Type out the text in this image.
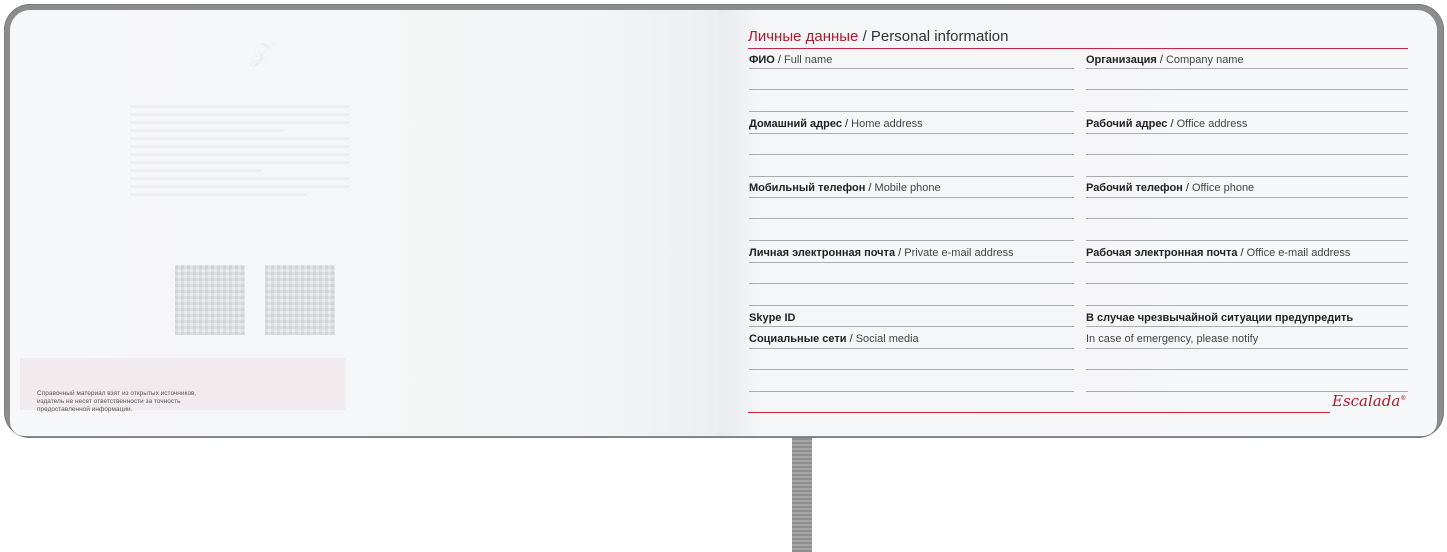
𝒵
Справочный материал взят из открытых источников, издатель не несет ответственности за точность предоставленной информации.
Личные данные / Personal information
ФИО / Full name
Домашний адрес / Home address
Мобильный телефон / Mobile phone
Личная электронная почта / Private e-mail address
Skype ID
Социальные сети / Social media
Организация / Company name
Рабочий адрес / Office address
Рабочий телефон / Office phone
Рабочая электронная почта / Office e-mail address
В случае чрезвычайной ситуации предупредить
In case of emergency, please notify
Escalada®
